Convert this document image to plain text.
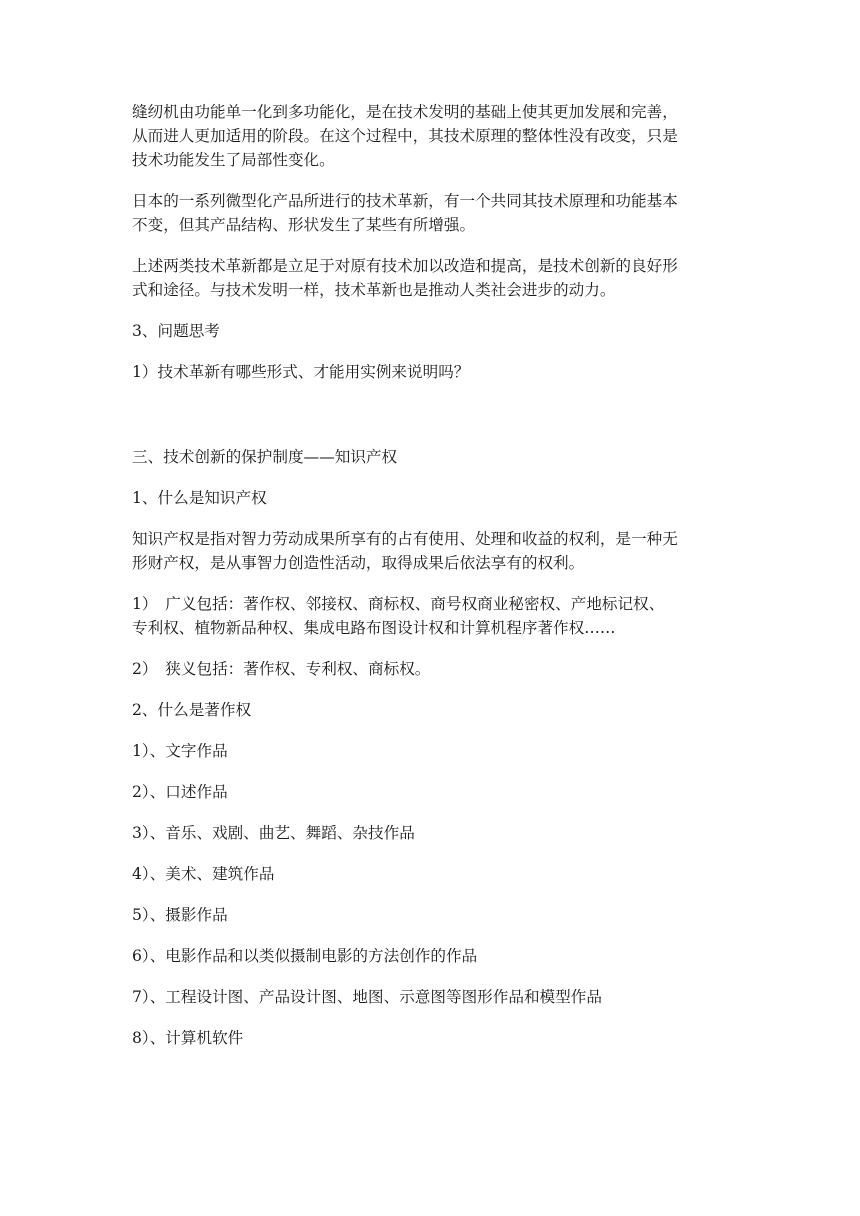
缝纫机由功能单一化到多功能化，是在技术发明的基础上使其更加发展和完善，
从而进人更加适用的阶段。在这个过程中，其技术原理的整体性没有改变，只是
技术功能发生了局部性变化。
日本的一系列微型化产品所进行的技术革新，有一个共同其技术原理和功能基本
不变，但其产品结构、形状发生了某些有所增强。
上述两类技术革新都是立足于对原有技术加以改造和提高，是技术创新的良好形
式和途径。与技术发明一样，技术革新也是推动人类社会进步的动力。
3、问题思考
1）技术革新有哪些形式、才能用实例来说明吗？
三、技术创新的保护制度——知识产权
1、什么是知识产权
知识产权是指对智力劳动成果所享有的占有使用、处理和收益的权利，是一种无
形财产权，是从事智力创造性活动，取得成果后依法享有的权利。
1）　广义包括：著作权、邻接权、商标权、商号权商业秘密权、产地标记权、
专利权、植物新品种权、集成电路布图设计权和计算机程序著作权……
2）　狭义包括：著作权、专利权、商标权。
2、什么是著作权
1）、文字作品
2）、口述作品
3）、音乐、戏剧、曲艺、舞蹈、杂技作品
4）、美术、建筑作品
5）、摄影作品
6）、电影作品和以类似摄制电影的方法创作的作品
7）、工程设计图、产品设计图、地图、示意图等图形作品和模型作品
8）、计算机软件
